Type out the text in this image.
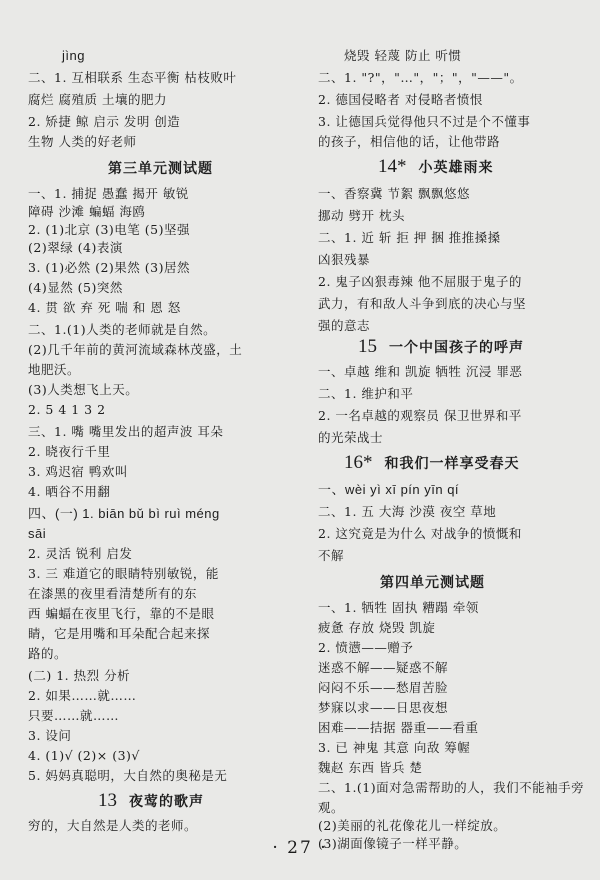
jìng
二、1. 互相联系 生态平衡 枯枝败叶
腐烂 腐殖质 土壤的肥力
2. 矫捷 鲸 启示 发明 创造
生物 人类的好老师
第三单元测试题
一、1. 捕捉 愚蠢 揭开 敏锐
障碍 沙滩 蝙蝠 海鸥
2. (1)北京 (3)电笔 (5)坚强
(2)翠绿 (4)表演
3. (1)必然 (2)果然 (3)居然
(4)显然 (5)突然
4. 贯 欲 弃 死 喘 和 恩 怒
二、1.(1)人类的老师就是自然。
(2)几千年前的黄河流域森林茂盛，土
地肥沃。
(3)人类想飞上天。
2. 5 4 1 3 2
三、1. 嘴 嘴里发出的超声波 耳朵
2. 晓夜行千里
3. 鸡迟宿 鸭欢叫
4. 晒谷不用翻
四、(一) 1. biān bǔ bì ruì méng
sāi
2. 灵活 锐利 启发
3. 三 难道它的眼睛特别敏锐，能
在漆黑的夜里看清楚所有的东
西 蝙蝠在夜里飞行，靠的不是眼
睛，它是用嘴和耳朵配合起来探
路的。
(二) 1. 热烈 分析
2. 如果……就……
只要……就……
3. 设问
4. (1)√ (2)× (3)√
5. 妈妈真聪明，大自然的奥秘是无
穷的，大自然是人类的老师。
13 夜莺的歌声
烧毁 轻蔑 防止 听惯
二、1. "?"，"…"，"；"，"——"。
2. 德国侵略者 对侵略者愤恨
3. 让德国兵觉得他只不过是个不懂事
的孩子，相信他的话，让他带路
14* 小英雄雨来
一、香察冀 节絮 飘飘悠悠
挪动 劈开 枕头
二、1. 近 斩 拒 押 捆 推推搡搡
凶狠残暴
2. 鬼子凶狠毒辣 他不屈服于鬼子的
武力，有和敌人斗争到底的决心与坚
强的意志
15 一个中国孩子的呼声
一、卓越 维和 凯旋 牺牲 沉浸 罪恶
二、1. 维护和平
2. 一名卓越的观察员 保卫世界和平
的光荣战士
16* 和我们一样享受春天
一、wèi yì xī pín yīn qí
二、1. 五 大海 沙漠 夜空 草地
2. 这究竟是为什么 对战争的愤慨和
不解
第四单元测试题
一、1. 牺牲 固执 糟蹋 牵领
疲惫 存放 烧毁 凯旋
2. 愤懑——赠予
迷惑不解——疑惑不解
闷闷不乐——愁眉苦脸
梦寐以求——日思夜想
困难——拮据 器重——看重
3. 已 神鬼 其意 向敌 筹幄
魏赵 东西 皆兵 楚
二、1.(1)面对急需帮助的人，我们不能袖手旁
观。
(2)美丽的礼花像花儿一样绽放。
(3)湖面像镜子一样平静。
· 27 ·
